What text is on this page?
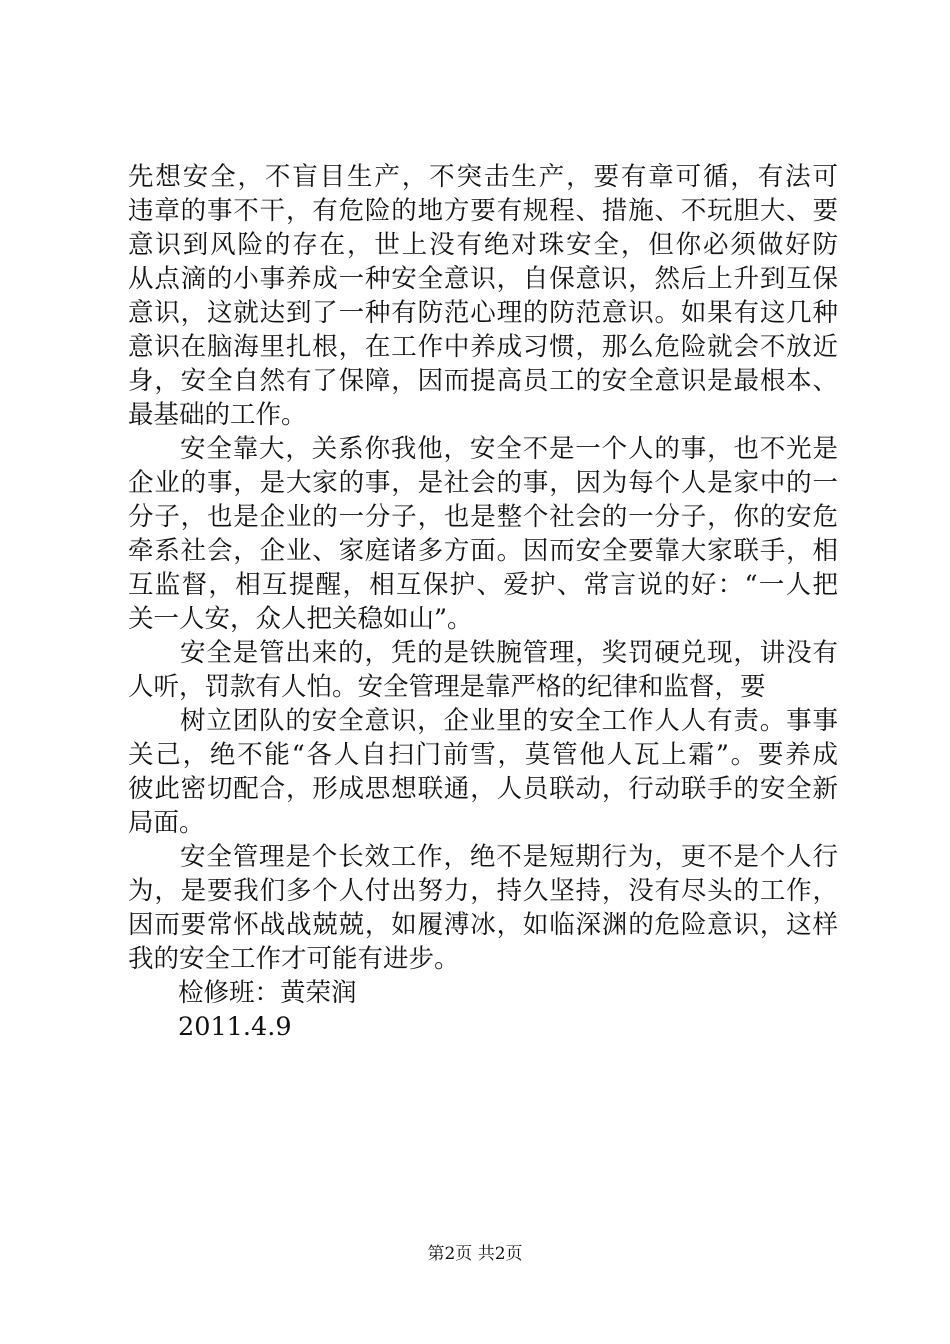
先想安全，不盲目生产，不突击生产，要有章可循，有法可
违章的事不干，有危险的地方要有规程、措施、不玩胆大、要
意识到风险的存在，世上没有绝对珠安全，但你必须做好防
从点滴的小事养成一种安全意识，自保意识，然后上升到互保
意识，这就达到了一种有防范心理的防范意识。如果有这几种
意识在脑海里扎根，在工作中养成习惯，那么危险就会不放近
身，安全自然有了保障，因而提高员工的安全意识是最根本、
最基础的工作。
安全靠大，关系你我他，安全不是一个人的事，也不光是
企业的事，是大家的事，是社会的事，因为每个人是家中的一
分子，也是企业的一分子，也是整个社会的一分子，你的安危
牵系社会，企业、家庭诸多方面。因而安全要靠大家联手，相
互监督，相互提醒，相互保护、爱护、常言说的好：“一人把
关一人安，众人把关稳如山”。
安全是管出来的，凭的是铁腕管理，奖罚硬兑现，讲没有
人听，罚款有人怕。安全管理是靠严格的纪律和监督，要
树立团队的安全意识，企业里的安全工作人人有责。事事
关己，绝不能“各人自扫门前雪，莫管他人瓦上霜”。要养成
彼此密切配合，形成思想联通，人员联动，行动联手的安全新
局面。
安全管理是个长效工作，绝不是短期行为，更不是个人行
为，是要我们多个人付出努力，持久坚持，没有尽头的工作，
因而要常怀战战兢兢，如履溥冰，如临深渊的危险意识，这样
我的安全工作才可能有进步。
检修班：黄荣润
2011.4.9
第2页 共2页
